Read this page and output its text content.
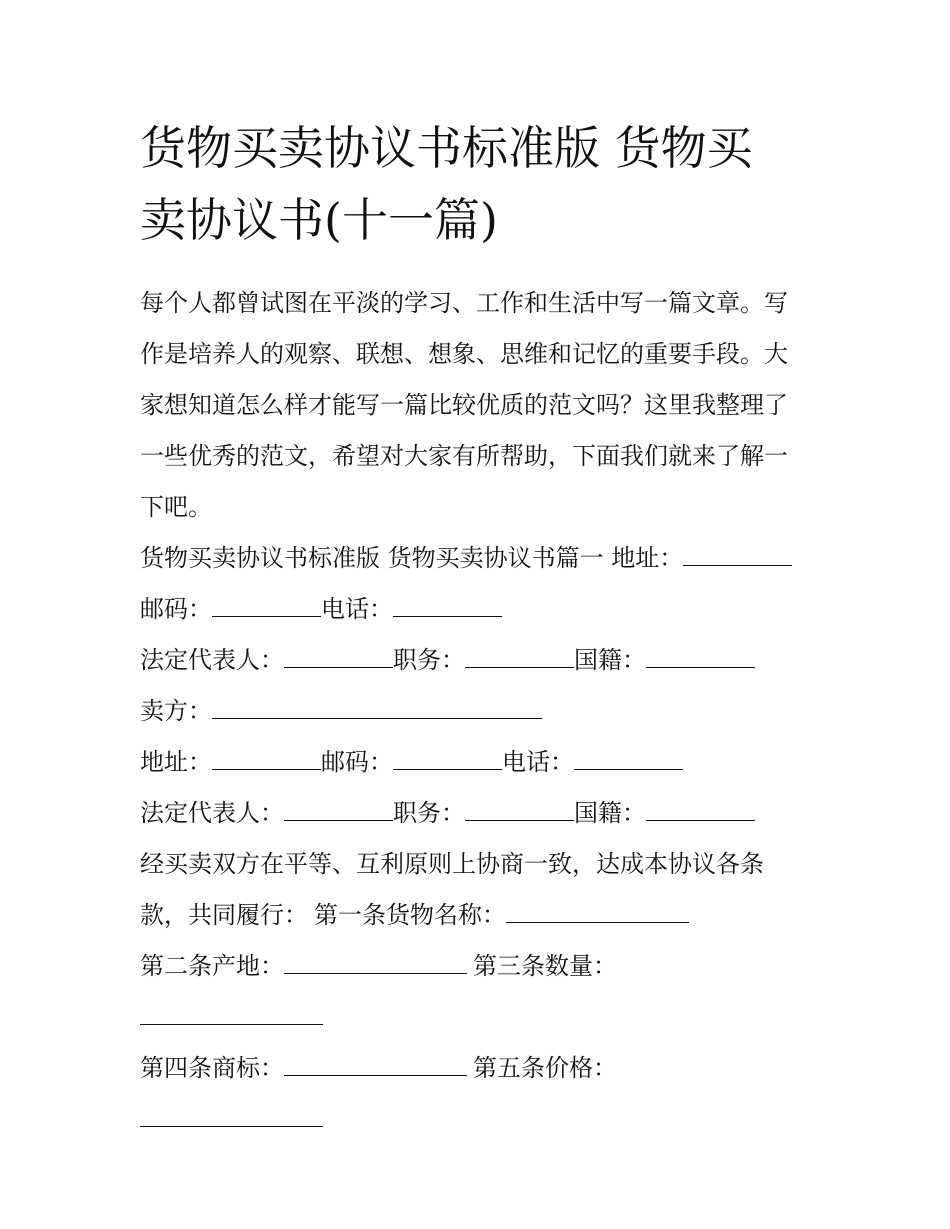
货物买卖协议书标准版 货物买
卖协议书(十一篇)
每个人都曾试图在平淡的学习、工作和生活中写一篇文章。写
作是培养人的观察、联想、想象、思维和记忆的重要手段。大
家想知道怎么样才能写一篇比较优质的范文吗？这里我整理了
一些优秀的范文，希望对大家有所帮助，下面我们就来了解一
下吧。
货物买卖协议书标准版 货物买卖协议书篇一 地址：
邮码：	电话：
法定代表人：	职务：	国籍：
卖方：
地址：	邮码：	电话：
法定代表人：	职务：	国籍：
经买卖双方在平等、互利原则上协商一致，达成本协议各条
款，共同履行： 第一条货物名称：
第二条产地：	第三条数量：
第四条商标：	第五条价格：
